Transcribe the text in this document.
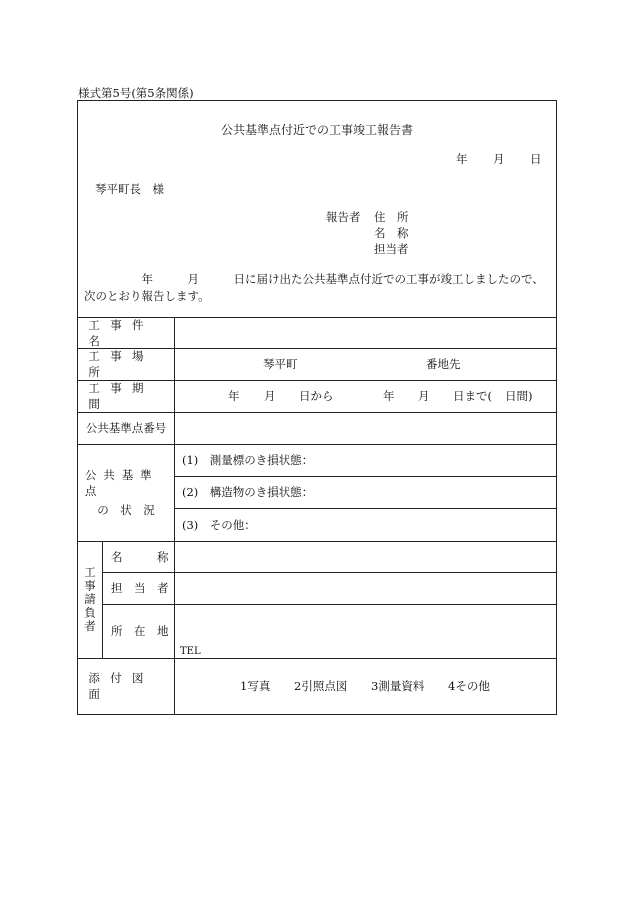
様式第5号(第5条関係)
公共基準点付近での工事竣工報告書
年 月 日
琴平町長　様
報告者 住　所
名　称
担当者
　　　　　年　　　月　　　日に届け出た公共基準点付近での工事が竣工しましたので、次のとおり報告します。
工事件名
工事場所
琴平町	番地先
工事期間
年 月 日から	年 月 日まで( 日間)
公共基準点番号
公共基準点
の　状　況
(1)　測量標のき損状態：
(2)　構造物のき損状態：
(3)　その他：
工事請負者
名　　　称
担　当　者
所　在　地
TEL
添付図面
1写真 2引照点図 3測量資料 4その他
